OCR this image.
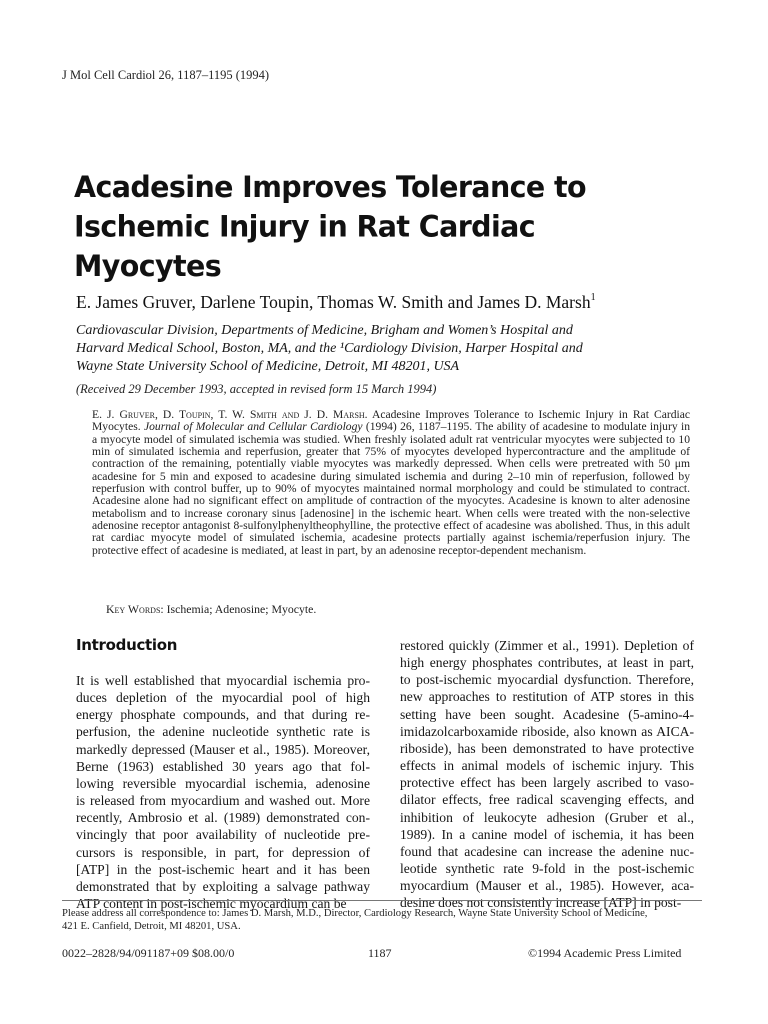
J Mol Cell Cardiol 26, 1187–1195 (1994)
Acadesine Improves Tolerance to
Ischemic Injury in Rat Cardiac
Myocytes
E. James Gruver, Darlene Toupin, Thomas W. Smith and James D. Marsh$^1$
Cardiovascular Division, Departments of Medicine, Brigham and Women’s Hospital and
Harvard Medical School, Boston, MA, and the ¹Cardiology Division, Harper Hospital and
Wayne State University School of Medicine, Detroit, MI 48201, USA
(Received 29 December 1993, accepted in revised form 15 March 1994)
E. J. Gruver, D. Toupin, T. W. Smith and J. D. Marsh. Acadesine Improves Tolerance to Ischemic Injury in Rat Cardiac Myocytes. Journal of Molecular and Cellular Cardiology (1994) 26, 1187–1195. The ability of acadesine to modulate injury in a myocyte model of simulated ischemia was studied. When freshly isolated adult rat ventricular myocytes were subjected to 10 min of simulated ischemia and reperfusion, greater that 75% of myocytes developed hypercontracture and the amplitude of contraction of the remaining, potentially viable myocytes was markedly depressed. When cells were pretreated with 50 μm acadesine for 5 min and exposed to acadesine during simulated ischemia and during 2–10 min of reperfusion, followed by reperfusion with control buffer, up to 90% of myocytes maintained normal morphology and could be stimulated to contract. Acadesine alone had no significant effect on amplitude of contraction of the myocytes. Acadesine is known to alter adenosine metabolism and to increase coronary sinus [adenosine] in the ischemic heart. When cells were treated with the non-selective adenosine receptor antagonist 8-sulfonylphenyltheophylline, the protective effect of acadesine was abolished. Thus, in this adult rat cardiac myocyte model of simulated ischemia, acadesine protects partially against ischemia/reperfusion injury. The protective effect of acadesine is mediated, at least in part, by an adenosine receptor-dependent mechanism.
Key Words: Ischemia; Adenosine; Myocyte.
Introduction
It is well established that myocardial ischemia pro-
duces depletion of the myocardial pool of high
energy phosphate compounds, and that during re-
perfusion, the adenine nucleotide synthetic rate is
markedly depressed (Mauser et al., 1985). Moreover,
Berne (1963) established 30 years ago that fol-
lowing reversible myocardial ischemia, adenosine
is released from myocardium and washed out. More
recently, Ambrosio et al. (1989) demonstrated con-
vincingly that poor availability of nucleotide pre-
cursors is responsible, in part, for depression of
[ATP] in the post-ischemic heart and it has been
demonstrated that by exploiting a salvage pathway
ATP content in post-ischemic myocardium can be
restored quickly (Zimmer et al., 1991). Depletion of
high energy phosphates contributes, at least in part,
to post-ischemic myocardial dysfunction. Therefore,
new approaches to restitution of ATP stores in this
setting have been sought. Acadesine (5-amino-4-
imidazolcarboxamide riboside, also known as AICA-
riboside), has been demonstrated to have protective
effects in animal models of ischemic injury. This
protective effect has been largely ascribed to vaso-
dilator effects, free radical scavenging effects, and
inhibition of leukocyte adhesion (Gruber et al.,
1989). In a canine model of ischemia, it has been
found that acadesine can increase the adenine nuc-
leotide synthetic rate 9-fold in the post-ischemic
myocardium (Mauser et al., 1985). However, aca-
desine does not consistently increase [ATP] in post-
Please address all correspondence to: James D. Marsh, M.D., Director, Cardiology Research, Wayne State University School of Medicine,
421 E. Canfield, Detroit, MI 48201, USA.
0022–2828/94/091187+09 $08.00/0	1187	©1994 Academic Press Limited
